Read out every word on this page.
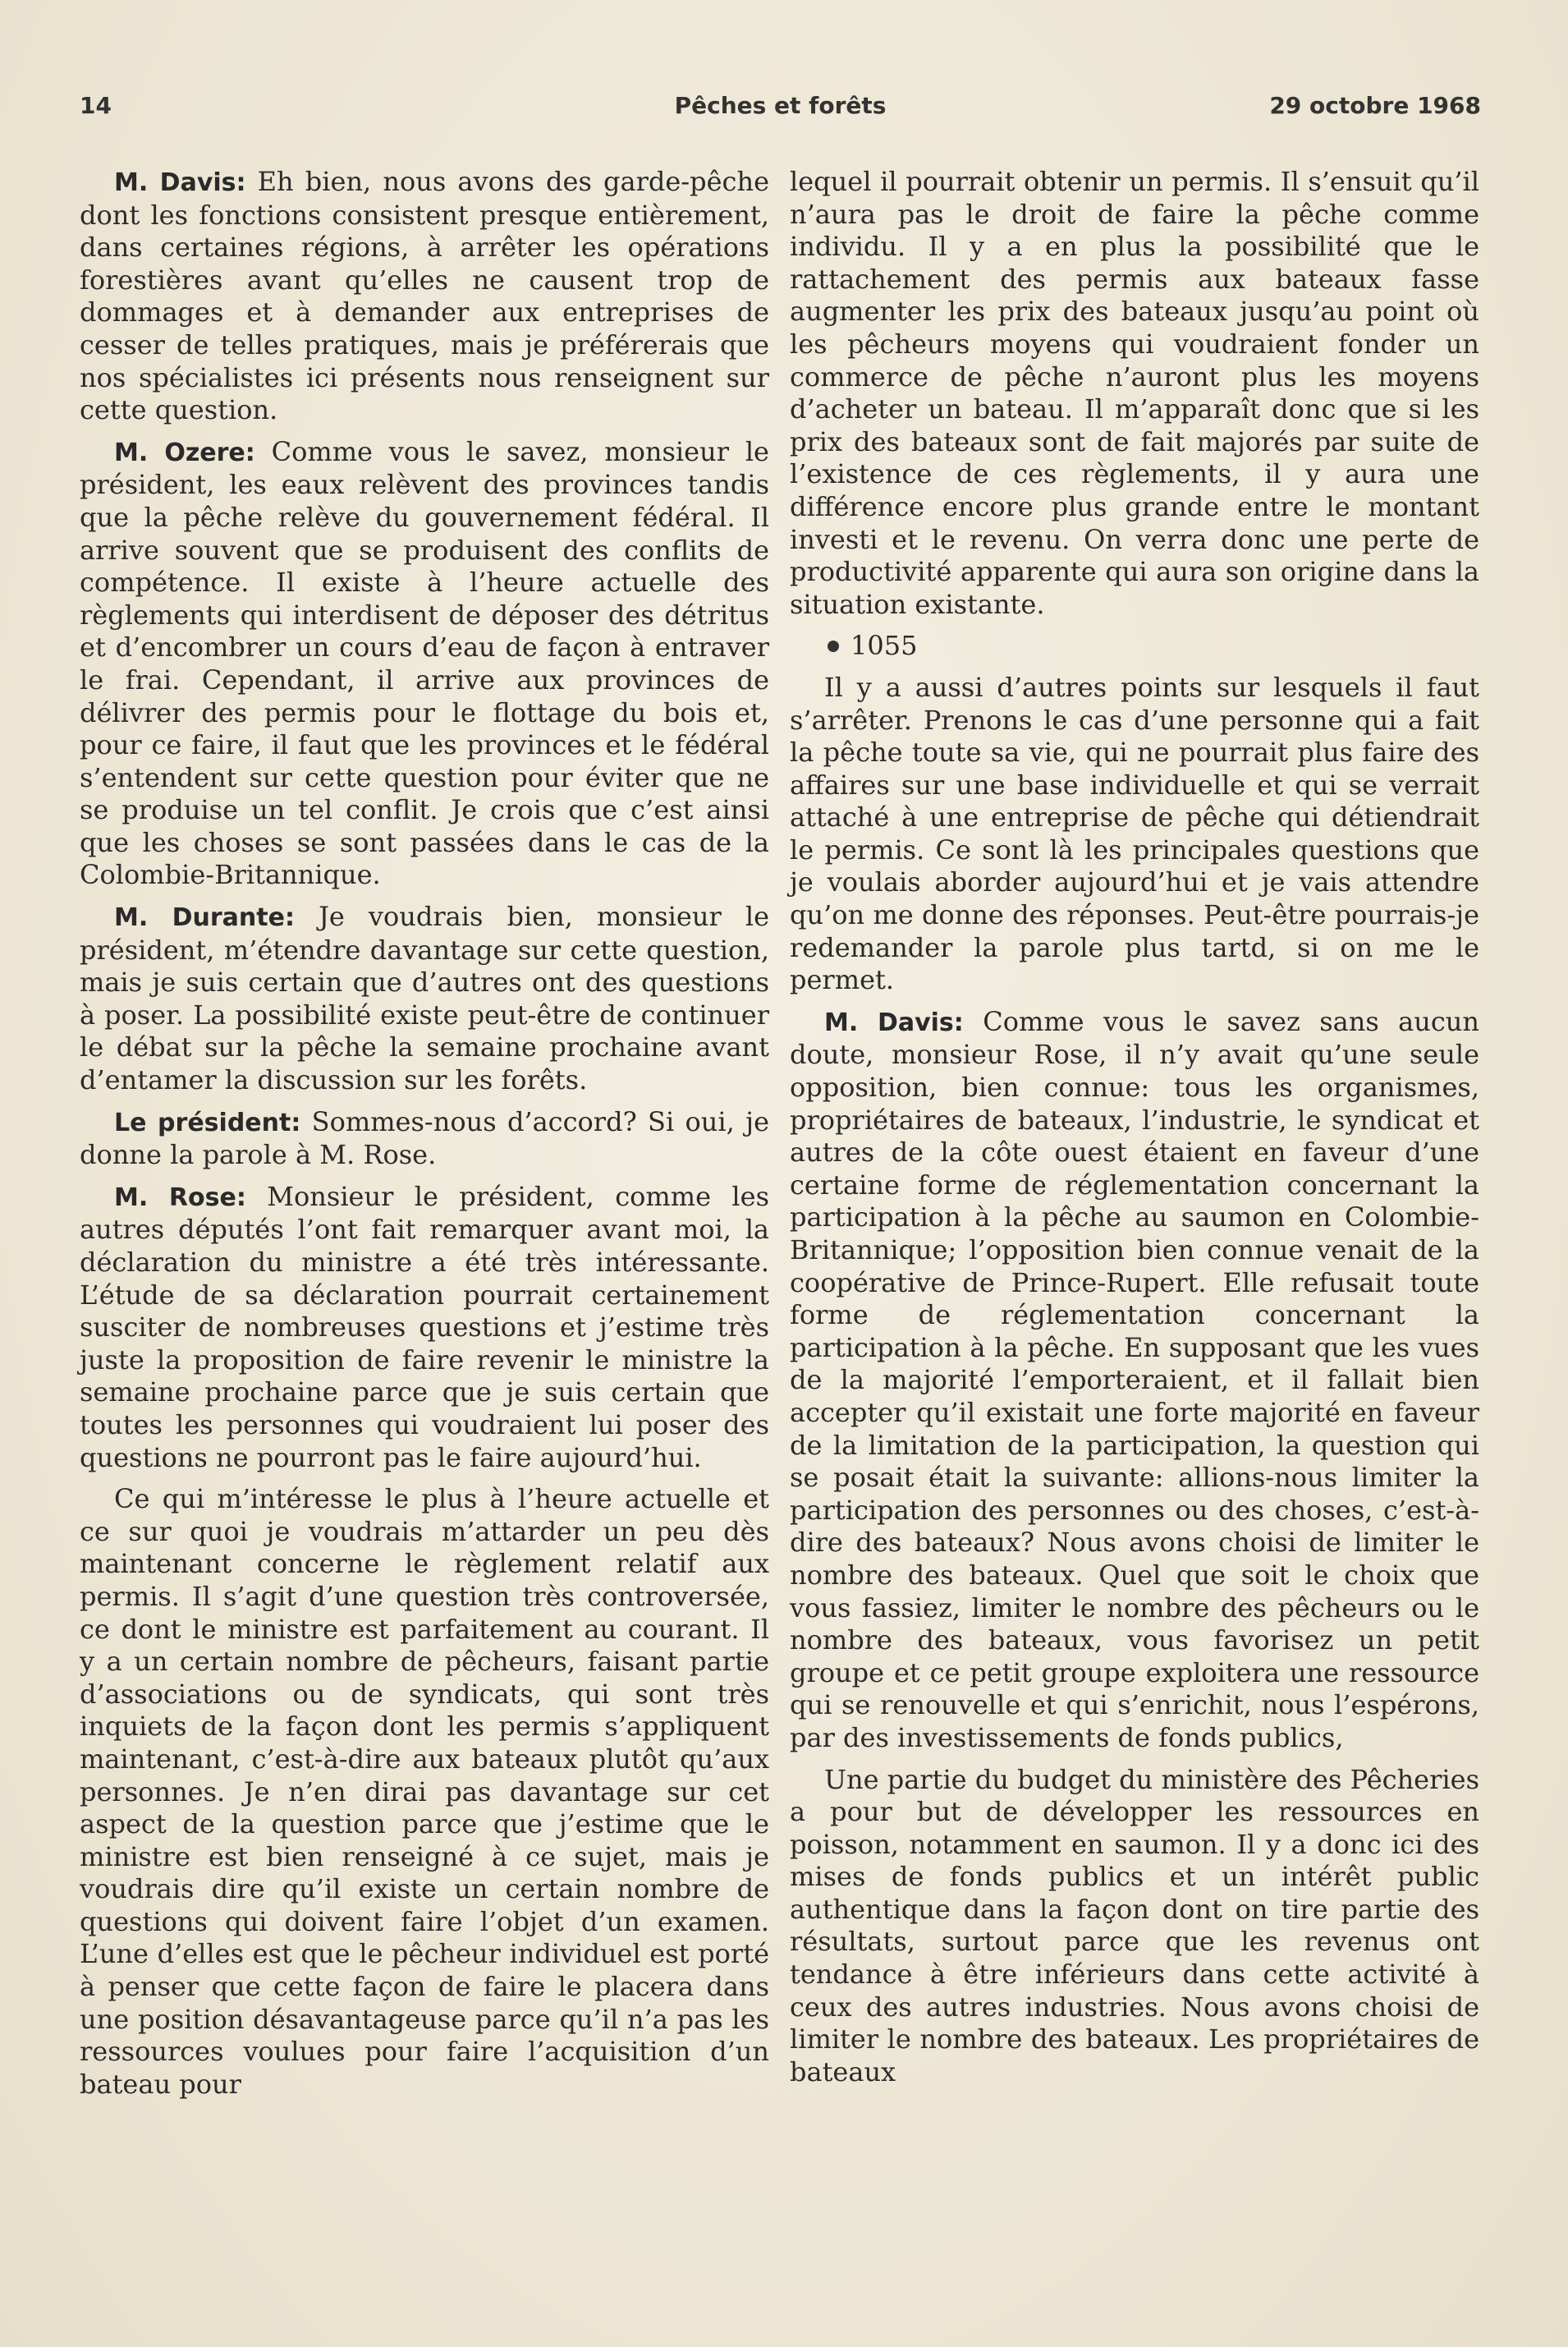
14	Pêches et forêts	29 octobre 1968

M. Davis: Eh bien, nous avons des garde-pêche dont les fonctions consistent presque entièrement, dans certaines régions, à arrêter les opérations forestières avant qu’elles ne causent trop de dommages et à demander aux entreprises de cesser de telles pratiques, mais je préférerais que nos spécialistes ici présents nous renseignent sur cette question.

M. Ozere: Comme vous le savez, monsieur le président, les eaux relèvent des provinces tandis que la pêche relève du gouvernement fédéral. Il arrive souvent que se produisent des conflits de compétence. Il existe à l’heure actuelle des règlements qui interdisent de déposer des détritus et d’encombrer un cours d’eau de façon à entraver le frai. Cependant, il arrive aux provinces de délivrer des permis pour le flottage du bois et, pour ce faire, il faut que les provinces et le fédéral s’entendent sur cette question pour éviter que ne se produise un tel conflit. Je crois que c’est ainsi que les choses se sont passées dans le cas de la Colombie-Britannique.

M. Durante: Je voudrais bien, monsieur le président, m’étendre davantage sur cette question, mais je suis certain que d’autres ont des questions à poser. La possibilité existe peut-être de continuer le débat sur la pêche la semaine prochaine avant d’entamer la discussion sur les forêts.

Le président: Sommes-nous d’accord? Si oui, je donne la parole à M. Rose.

M. Rose: Monsieur le président, comme les autres députés l’ont fait remarquer avant moi, la déclaration du ministre a été très intéressante. L’étude de sa déclaration pourrait certainement susciter de nombreuses questions et j’estime très juste la proposition de faire revenir le ministre la semaine prochaine parce que je suis certain que toutes les personnes qui voudraient lui poser des questions ne pourront pas le faire aujourd’hui.

Ce qui m’intéresse le plus à l’heure actuelle et ce sur quoi je voudrais m’attarder un peu dès maintenant concerne le règlement relatif aux permis. Il s’agit d’une question très controversée, ce dont le ministre est parfaitement au courant. Il y a un certain nombre de pêcheurs, faisant partie d’associations ou de syndicats, qui sont très inquiets de la façon dont les permis s’appliquent maintenant, c’est-à-dire aux bateaux plutôt qu’aux personnes. Je n’en dirai pas davantage sur cet aspect de la question parce que j’estime que le ministre est bien renseigné à ce sujet, mais je voudrais dire qu’il existe un certain nombre de questions qui doivent faire l’objet d’un examen. L’une d’elles est que le pêcheur individuel est porté à penser que cette façon de faire le placera dans une position désavantageuse parce qu’il n’a pas les ressources voulues pour faire l’acquisition d’un bateau pour

lequel il pourrait obtenir un permis. Il s’ensuit qu’il n’aura pas le droit de faire la pêche comme individu. Il y a en plus la possibilité que le rattachement des permis aux bateaux fasse augmenter les prix des bateaux jusqu’au point où les pêcheurs moyens qui voudraient fonder un commerce de pêche n’auront plus les moyens d’acheter un bateau. Il m’apparaît donc que si les prix des bateaux sont de fait majorés par suite de l’existence de ces règlements, il y aura une différence encore plus grande entre le montant investi et le revenu. On verra donc une perte de productivité apparente qui aura son origine dans la situation existante.

1055

Il y a aussi d’autres points sur lesquels il faut s’arrêter. Prenons le cas d’une personne qui a fait la pêche toute sa vie, qui ne pourrait plus faire des affaires sur une base individuelle et qui se verrait attaché à une entreprise de pêche qui détiendrait le permis. Ce sont là les principales questions que je voulais aborder aujourd’hui et je vais attendre qu’on me donne des réponses. Peut-être pourrais-je redemander la parole plus tartd, si on me le permet.

M. Davis: Comme vous le savez sans aucun doute, monsieur Rose, il n’y avait qu’une seule opposition, bien connue: tous les organismes, propriétaires de bateaux, l’industrie, le syndicat et autres de la côte ouest étaient en faveur d’une certaine forme de réglementation concernant la participation à la pêche au saumon en Colombie-Britannique; l’opposition bien connue venait de la coopérative de Prince-Rupert. Elle refusait toute forme de réglementation concernant la participation à la pêche. En supposant que les vues de la majorité l’emporteraient, et il fallait bien accepter qu’il existait une forte majorité en faveur de la limitation de la participation, la question qui se posait était la suivante: allions-nous limiter la participation des personnes ou des choses, c’est-à-dire des bateaux? Nous avons choisi de limiter le nombre des bateaux. Quel que soit le choix que vous fassiez, limiter le nombre des pêcheurs ou le nombre des bateaux, vous favorisez un petit groupe et ce petit groupe exploitera une ressource qui se renouvelle et qui s’enrichit, nous l’espérons, par des investissements de fonds publics,

Une partie du budget du ministère des Pêcheries a pour but de développer les ressources en poisson, notamment en saumon. Il y a donc ici des mises de fonds publics et un intérêt public authentique dans la façon dont on tire partie des résultats, surtout parce que les revenus ont tendance à être inférieurs dans cette activité à ceux des autres industries. Nous avons choisi de limiter le nombre des bateaux. Les propriétaires de bateaux
